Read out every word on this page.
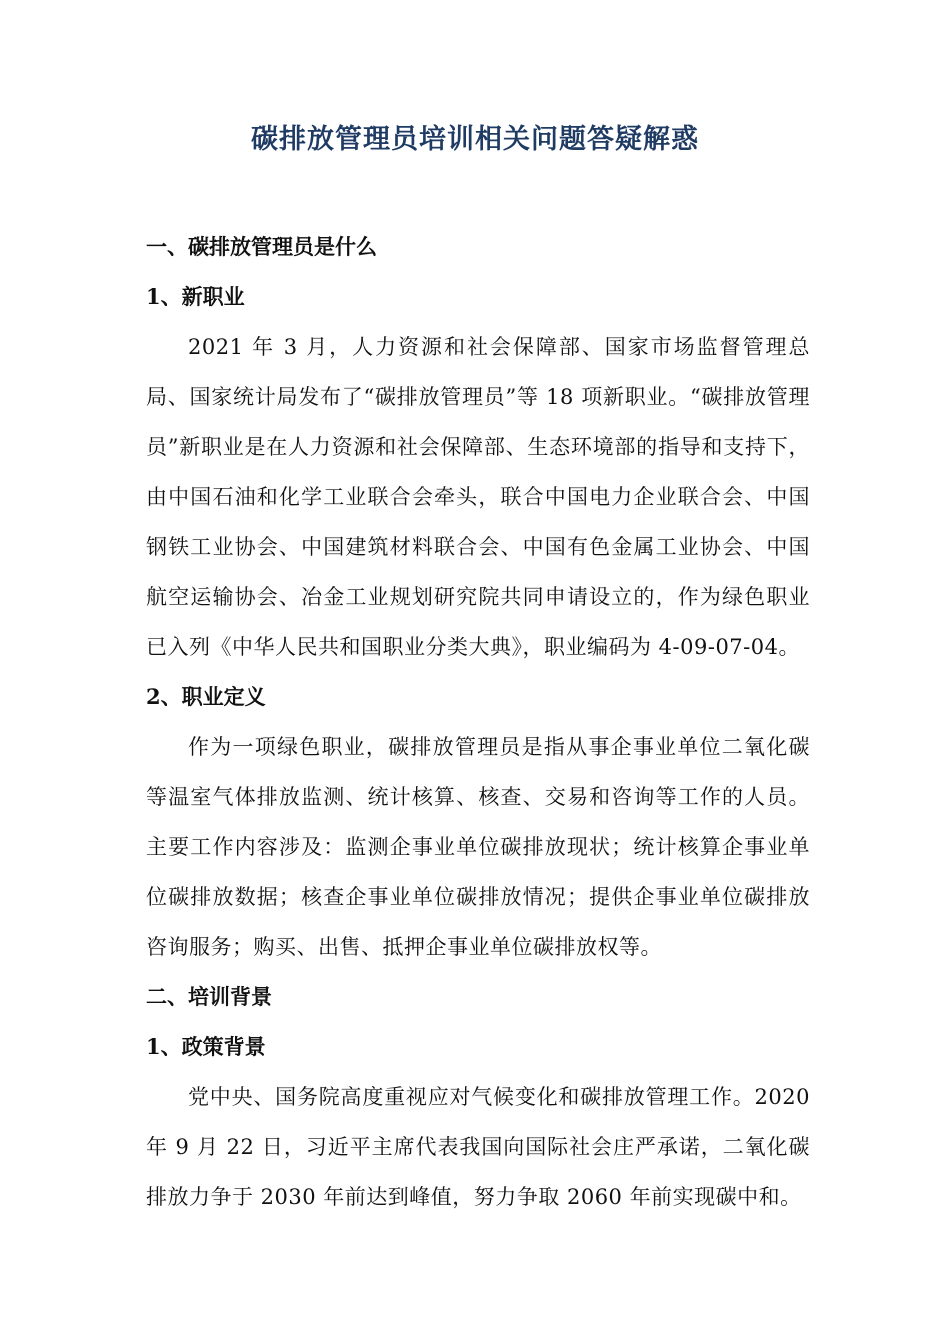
碳排放管理员培训相关问题答疑解惑
一、碳排放管理员是什么
1、新职业

2021 年 3 月，人力资源和社会保障部、国家市场监督管理总局、国家统计局发布了“碳排放管理员”等 18 项新职业。“碳排放管理员”新职业是在人力资源和社会保障部、生态环境部的指导和支持下，由中国石油和化学工业联合会牵头，联合中国电力企业联合会、中国钢铁工业协会、中国建筑材料联合会、中国有色金属工业协会、中国航空运输协会、冶金工业规划研究院共同申请设立的，作为绿色职业已入列《中华人民共和国职业分类大典》，职业编码为 4-09-07-04。

2、职业定义

作为一项绿色职业，碳排放管理员是指从事企事业单位二氧化碳等温室气体排放监测、统计核算、核查、交易和咨询等工作的人员。主要工作内容涉及：监测企事业单位碳排放现状；统计核算企事业单位碳排放数据；核查企事业单位碳排放情况；提供企事业单位碳排放咨询服务；购买、出售、抵押企事业单位碳排放权等。

二、培训背景
1、政策背景

党中央、国务院高度重视应对气候变化和碳排放管理工作。2020 年 9 月 22 日，习近平主席代表我国向国际社会庄严承诺，二氧化碳排放力争于 2030 年前达到峰值，努力争取 2060 年前实现碳中和。
